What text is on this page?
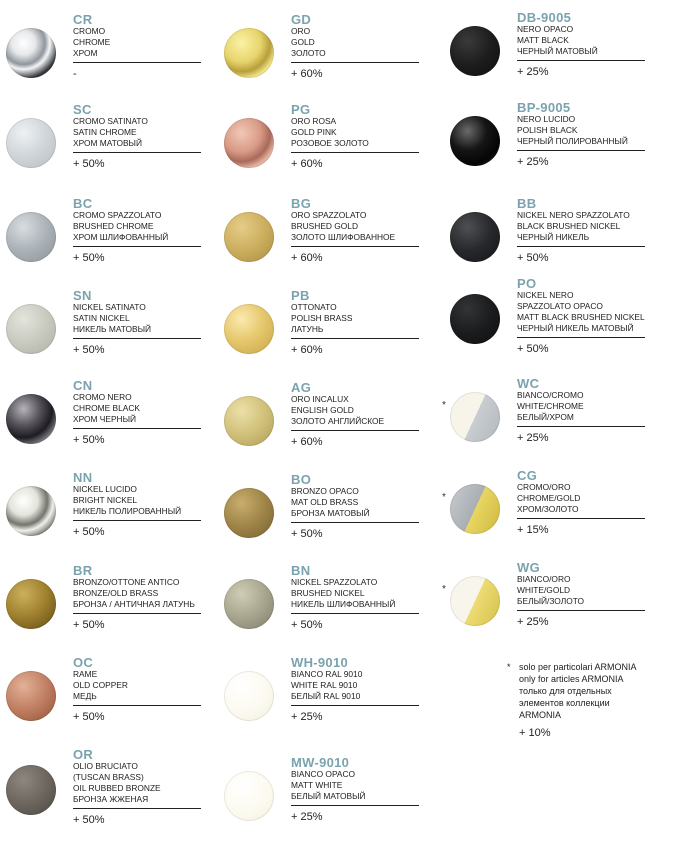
CR
CROMO
CHROME
ХРОМ
-
SC
CROMO SATINATO
SATIN CHROME
ХРОМ МАТОВЫЙ
+ 50%
BC
CROMO SPAZZOLATO
BRUSHED CHROME
ХРОМ ШЛИФОВАННЫЙ
+ 50%
SN
NICKEL SATINATO
SATIN NICKEL
НИКЕЛЬ МАТОВЫЙ
+ 50%
CN
CROMO NERO
CHROME BLACK
ХРОМ ЧЕРНЫЙ
+ 50%
NN
NICKEL LUCIDO
BRIGHT NICKEL
НИКЕЛЬ ПОЛИРОВАННЫЙ
+ 50%
BR
BRONZO/OTTONE ANTICO
BRONZE/OLD BRASS
БРОНЗА / АНТИЧНАЯ ЛАТУНЬ
+ 50%
OC
RAME
OLD COPPER
МЕДЬ
+ 50%
OR
OLIO BRUCIATO
(TUSCAN BRASS)
OIL RUBBED BRONZE
БРОНЗА ЖЖЕНАЯ
+ 50%
GD
ORO
GOLD
ЗОЛОТО
+ 60%
PG
ORO ROSA
GOLD PINK
РОЗОВОЕ ЗОЛОТО
+ 60%
BG
ORO SPAZZOLATO
BRUSHED GOLD
ЗОЛОТО ШЛИФОВАННОЕ
+ 60%
PB
OTTONATO
POLISH BRASS
ЛАТУНЬ
+ 60%
AG
ORO INCALUX
ENGLISH GOLD
ЗОЛОТО АНГЛИЙСКОЕ
+ 60%
BO
BRONZO OPACO
MAT OLD BRASS
БРОНЗА МАТОВЫЙ
+ 50%
BN
NICKEL SPAZZOLATO
BRUSHED NICKEL
НИКЕЛЬ ШЛИФОВАННЫЙ
+ 50%
WH-9010
BIANCO RAL 9010
WHITE RAL 9010
БЕЛЫЙ RAL 9010
+ 25%
MW-9010
BIANCO OPACO
MATT WHITE
БЕЛЫЙ МАТОВЫЙ
+ 25%
DB-9005
NERO OPACO
MATT BLACK
ЧЕРНЫЙ МАТОВЫЙ
+ 25%
BP-9005
NERO LUCIDO
POLISH BLACK
ЧЕРНЫЙ ПОЛИРОВАННЫЙ
+ 25%
BB
NICKEL NERO SPAZZOLATO
BLACK BRUSHED NICKEL
ЧЕРНЫЙ НИКЕЛЬ
+ 50%
PO
NICKEL NERO
SPAZZOLATO OPACO
MATT BLACK BRUSHED NICKEL
ЧЕРНЫЙ НИКЕЛЬ МАТОВЫЙ
+ 50%
*
WC
BIANCO/CROMO
WHITE/CHROME
БЕЛЫЙ/ХРОМ
+ 25%
*
CG
CROMO/ORO
CHROME/GOLD
ХРОМ/ЗОЛОТО
+ 15%
*
WG
BIANCO/ORO
WHITE/GOLD
БЕЛЫЙ/ЗОЛОТО
+ 25%
* solo per particolari ARMONIA
only for articles ARMONIA
только для отдельных
элементов коллекции
ARMONIA
+ 10%
